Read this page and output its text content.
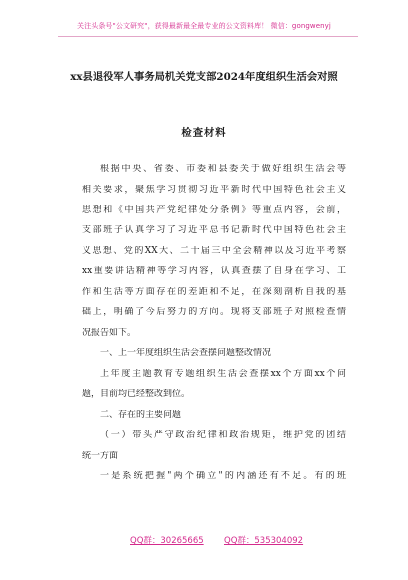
关注头条号"公文研究"，获得最新最全最专业的公文资料库！ 微信：gongwenyj
xx县退役军人事务局机关党支部2024年度组织生活会对照
检查材料
根据中央、省委、市委和县委关于做好组织生活会等
相关要求，聚焦学习贯彻习近平新时代中国特色社会主义
思想和《中国共产党纪律处分条例》等重点内容，会前，
支部班子认真学习了习近平总书记新时代中国特色社会主
义思想、党的XX大、二十届三中全会精神以及习近平考察
xx重要讲话精神等学习内容，认真查摆了自身在学习、工
作和生活等方面存在的差距和不足，在深刻剖析自我的基
础上，明确了今后努力的方向。现将支部班子对照检查情
况报告如下。
一、上一年度组织生活会查摆问题整改情况
上年度主题教育专题组织生活会查摆xx个方面xx个问
题，目前均已经整改到位。
二、存在的主要问题
（一）带头严守政治纪律和政治规矩，维护党的团结
统一方面
一是系统把握"两个确立"的内涵还有不足。有的班
QQ群：30265665 QQ群：535304092
